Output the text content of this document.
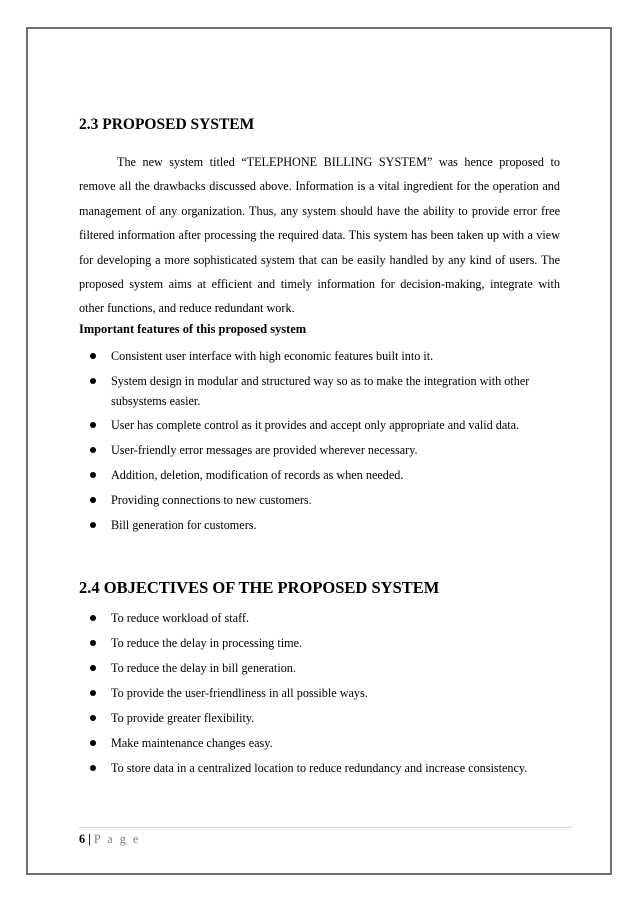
2.3 PROPOSED SYSTEM
The new system titled “TELEPHONE BILLING SYSTEM” was hence proposed to remove all the drawbacks discussed above. Information is a vital ingredient for the operation and management of any organization. Thus, any system should have the ability to provide error free filtered information after processing the required data. This system has been taken up with a view for developing a more sophisticated system that can be easily handled by any kind of users. The proposed system aims at efficient and timely information for decision-making, integrate with other functions, and reduce redundant work.
Important features of this proposed system
Consistent user interface with high economic features built into it.
System design in modular and structured way so as to make the integration with other subsystems easier.
User has complete control as it provides and accept only appropriate and valid data.
User-friendly error messages are provided wherever necessary.
Addition, deletion, modification of records as when needed.
Providing connections to new customers.
Bill generation for customers.
2.4 OBJECTIVES OF THE PROPOSED SYSTEM
To reduce workload of staff.
To reduce the delay in processing time.
To reduce the delay in bill generation.
To provide the user-friendliness in all possible ways.
To provide greater flexibility.
Make maintenance changes easy.
To store data in a centralized location to reduce redundancy and increase consistency.
6 | P a g e
